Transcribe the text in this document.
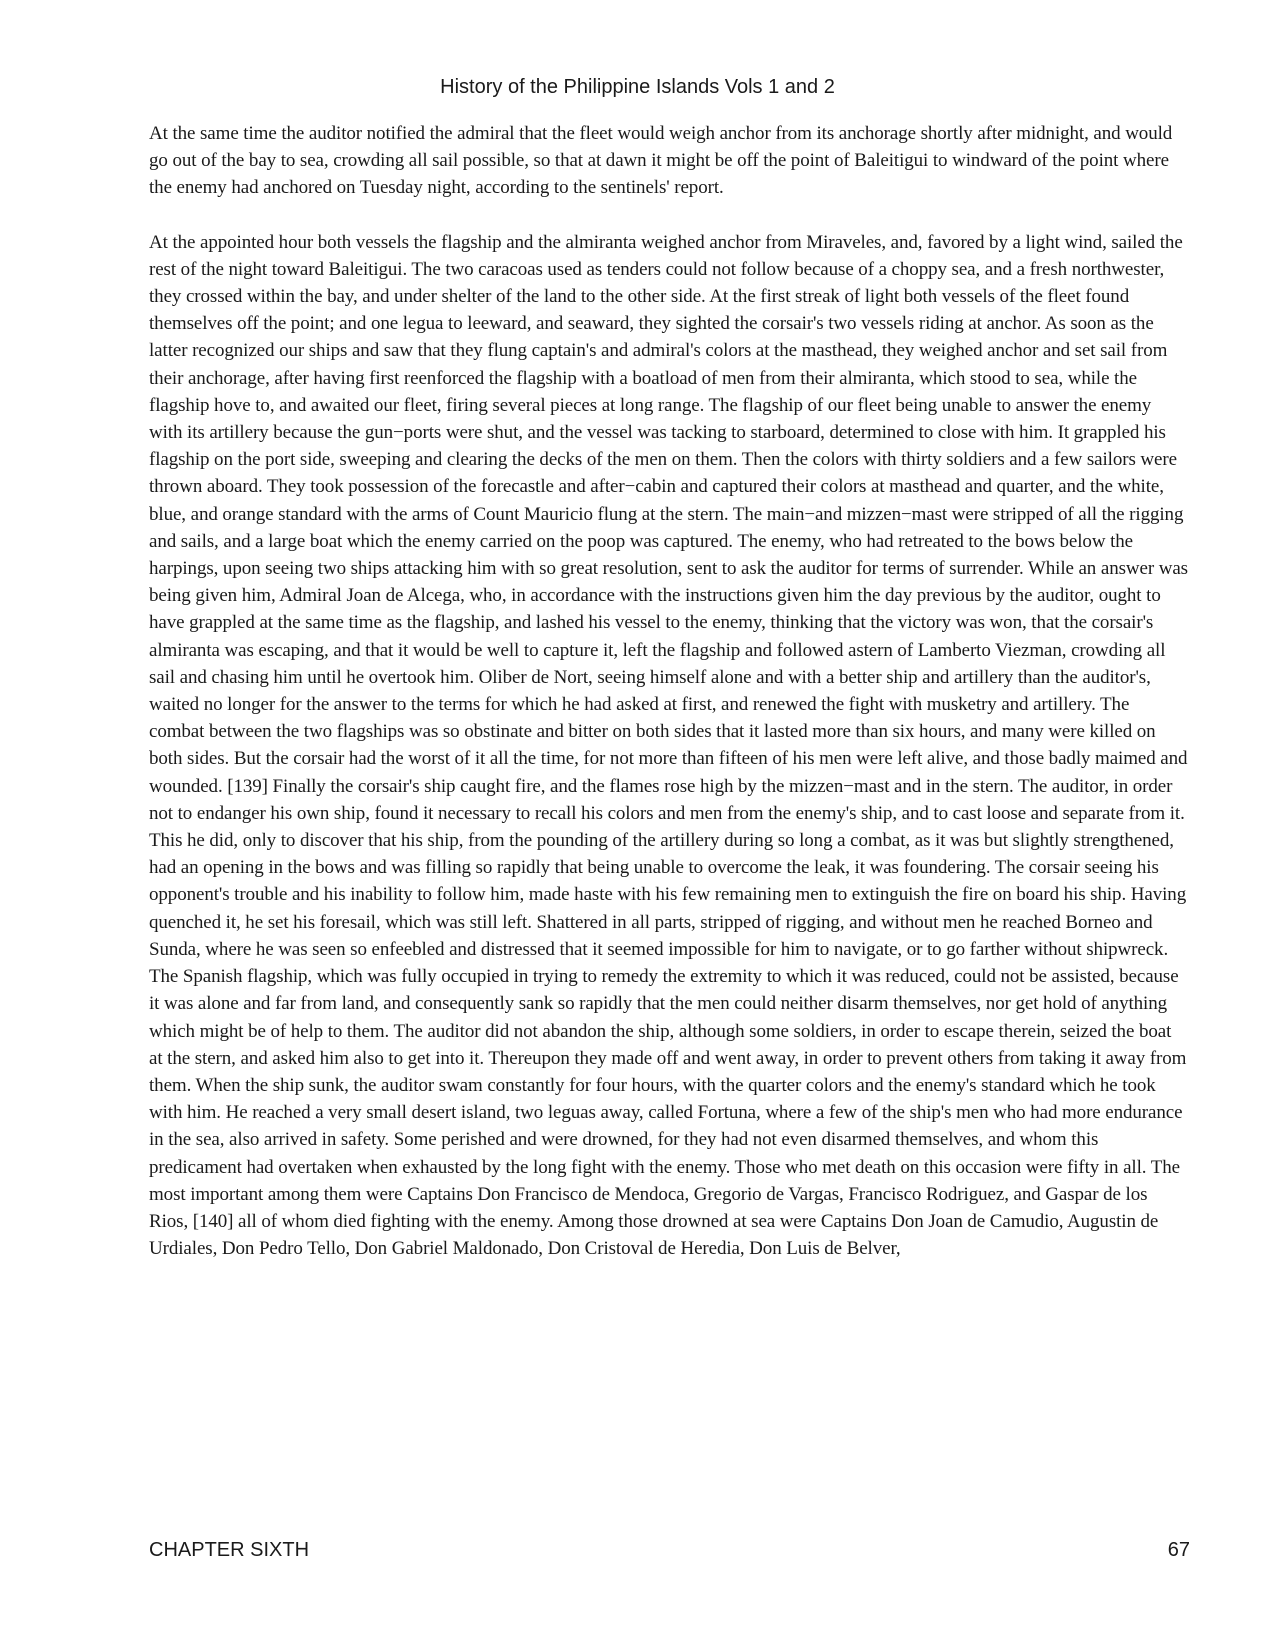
History of the Philippine Islands Vols 1 and 2

At the same time the auditor notified the admiral that the fleet would weigh anchor from its anchorage shortly after midnight, and would go out of the bay to sea, crowding all sail possible, so that at dawn it might be off the point of Baleitigui to windward of the point where the enemy had anchored on Tuesday night, according to the sentinels' report.

At the appointed hour both vessels the flagship and the almiranta weighed anchor from Miraveles, and, favored by a light wind, sailed the rest of the night toward Baleitigui. The two caracoas used as tenders could not follow because of a choppy sea, and a fresh northwester, they crossed within the bay, and under shelter of the land to the other side. At the first streak of light both vessels of the fleet found themselves off the point; and one legua to leeward, and seaward, they sighted the corsair's two vessels riding at anchor. As soon as the latter recognized our ships and saw that they flung captain's and admiral's colors at the masthead, they weighed anchor and set sail from their anchorage, after having first reenforced the flagship with a boatload of men from their almiranta, which stood to sea, while the flagship hove to, and awaited our fleet, firing several pieces at long range. The flagship of our fleet being unable to answer the enemy with its artillery because the gun−ports were shut, and the vessel was tacking to starboard, determined to close with him. It grappled his flagship on the port side, sweeping and clearing the decks of the men on them. Then the colors with thirty soldiers and a few sailors were thrown aboard. They took possession of the forecastle and after−cabin and captured their colors at masthead and quarter, and the white, blue, and orange standard with the arms of Count Mauricio flung at the stern. The main−and mizzen−mast were stripped of all the rigging and sails, and a large boat which the enemy carried on the poop was captured. The enemy, who had retreated to the bows below the harpings, upon seeing two ships attacking him with so great resolution, sent to ask the auditor for terms of surrender. While an answer was being given him, Admiral Joan de Alcega, who, in accordance with the instructions given him the day previous by the auditor, ought to have grappled at the same time as the flagship, and lashed his vessel to the enemy, thinking that the victory was won, that the corsair's almiranta was escaping, and that it would be well to capture it, left the flagship and followed astern of Lamberto Viezman, crowding all sail and chasing him until he overtook him. Oliber de Nort, seeing himself alone and with a better ship and artillery than the auditor's, waited no longer for the answer to the terms for which he had asked at first, and renewed the fight with musketry and artillery. The combat between the two flagships was so obstinate and bitter on both sides that it lasted more than six hours, and many were killed on both sides. But the corsair had the worst of it all the time, for not more than fifteen of his men were left alive, and those badly maimed and wounded. [139] Finally the corsair's ship caught fire, and the flames rose high by the mizzen−mast and in the stern. The auditor, in order not to endanger his own ship, found it necessary to recall his colors and men from the enemy's ship, and to cast loose and separate from it. This he did, only to discover that his ship, from the pounding of the artillery during so long a combat, as it was but slightly strengthened, had an opening in the bows and was filling so rapidly that being unable to overcome the leak, it was foundering. The corsair seeing his opponent's trouble and his inability to follow him, made haste with his few remaining men to extinguish the fire on board his ship. Having quenched it, he set his foresail, which was still left. Shattered in all parts, stripped of rigging, and without men he reached Borneo and Sunda, where he was seen so enfeebled and distressed that it seemed impossible for him to navigate, or to go farther without shipwreck. The Spanish flagship, which was fully occupied in trying to remedy the extremity to which it was reduced, could not be assisted, because it was alone and far from land, and consequently sank so rapidly that the men could neither disarm themselves, nor get hold of anything which might be of help to them. The auditor did not abandon the ship, although some soldiers, in order to escape therein, seized the boat at the stern, and asked him also to get into it. Thereupon they made off and went away, in order to prevent others from taking it away from them. When the ship sunk, the auditor swam constantly for four hours, with the quarter colors and the enemy's standard which he took with him. He reached a very small desert island, two leguas away, called Fortuna, where a few of the ship's men who had more endurance in the sea, also arrived in safety. Some perished and were drowned, for they had not even disarmed themselves, and whom this predicament had overtaken when exhausted by the long fight with the enemy. Those who met death on this occasion were fifty in all. The most important among them were Captains Don Francisco de Mendoca, Gregorio de Vargas, Francisco Rodriguez, and Gaspar de los Rios, [140] all of whom died fighting with the enemy. Among those drowned at sea were Captains Don Joan de Camudio, Augustin de Urdiales, Don Pedro Tello, Don Gabriel Maldonado, Don Cristoval de Heredia, Don Luis de Belver,

CHAPTER SIXTH	67
